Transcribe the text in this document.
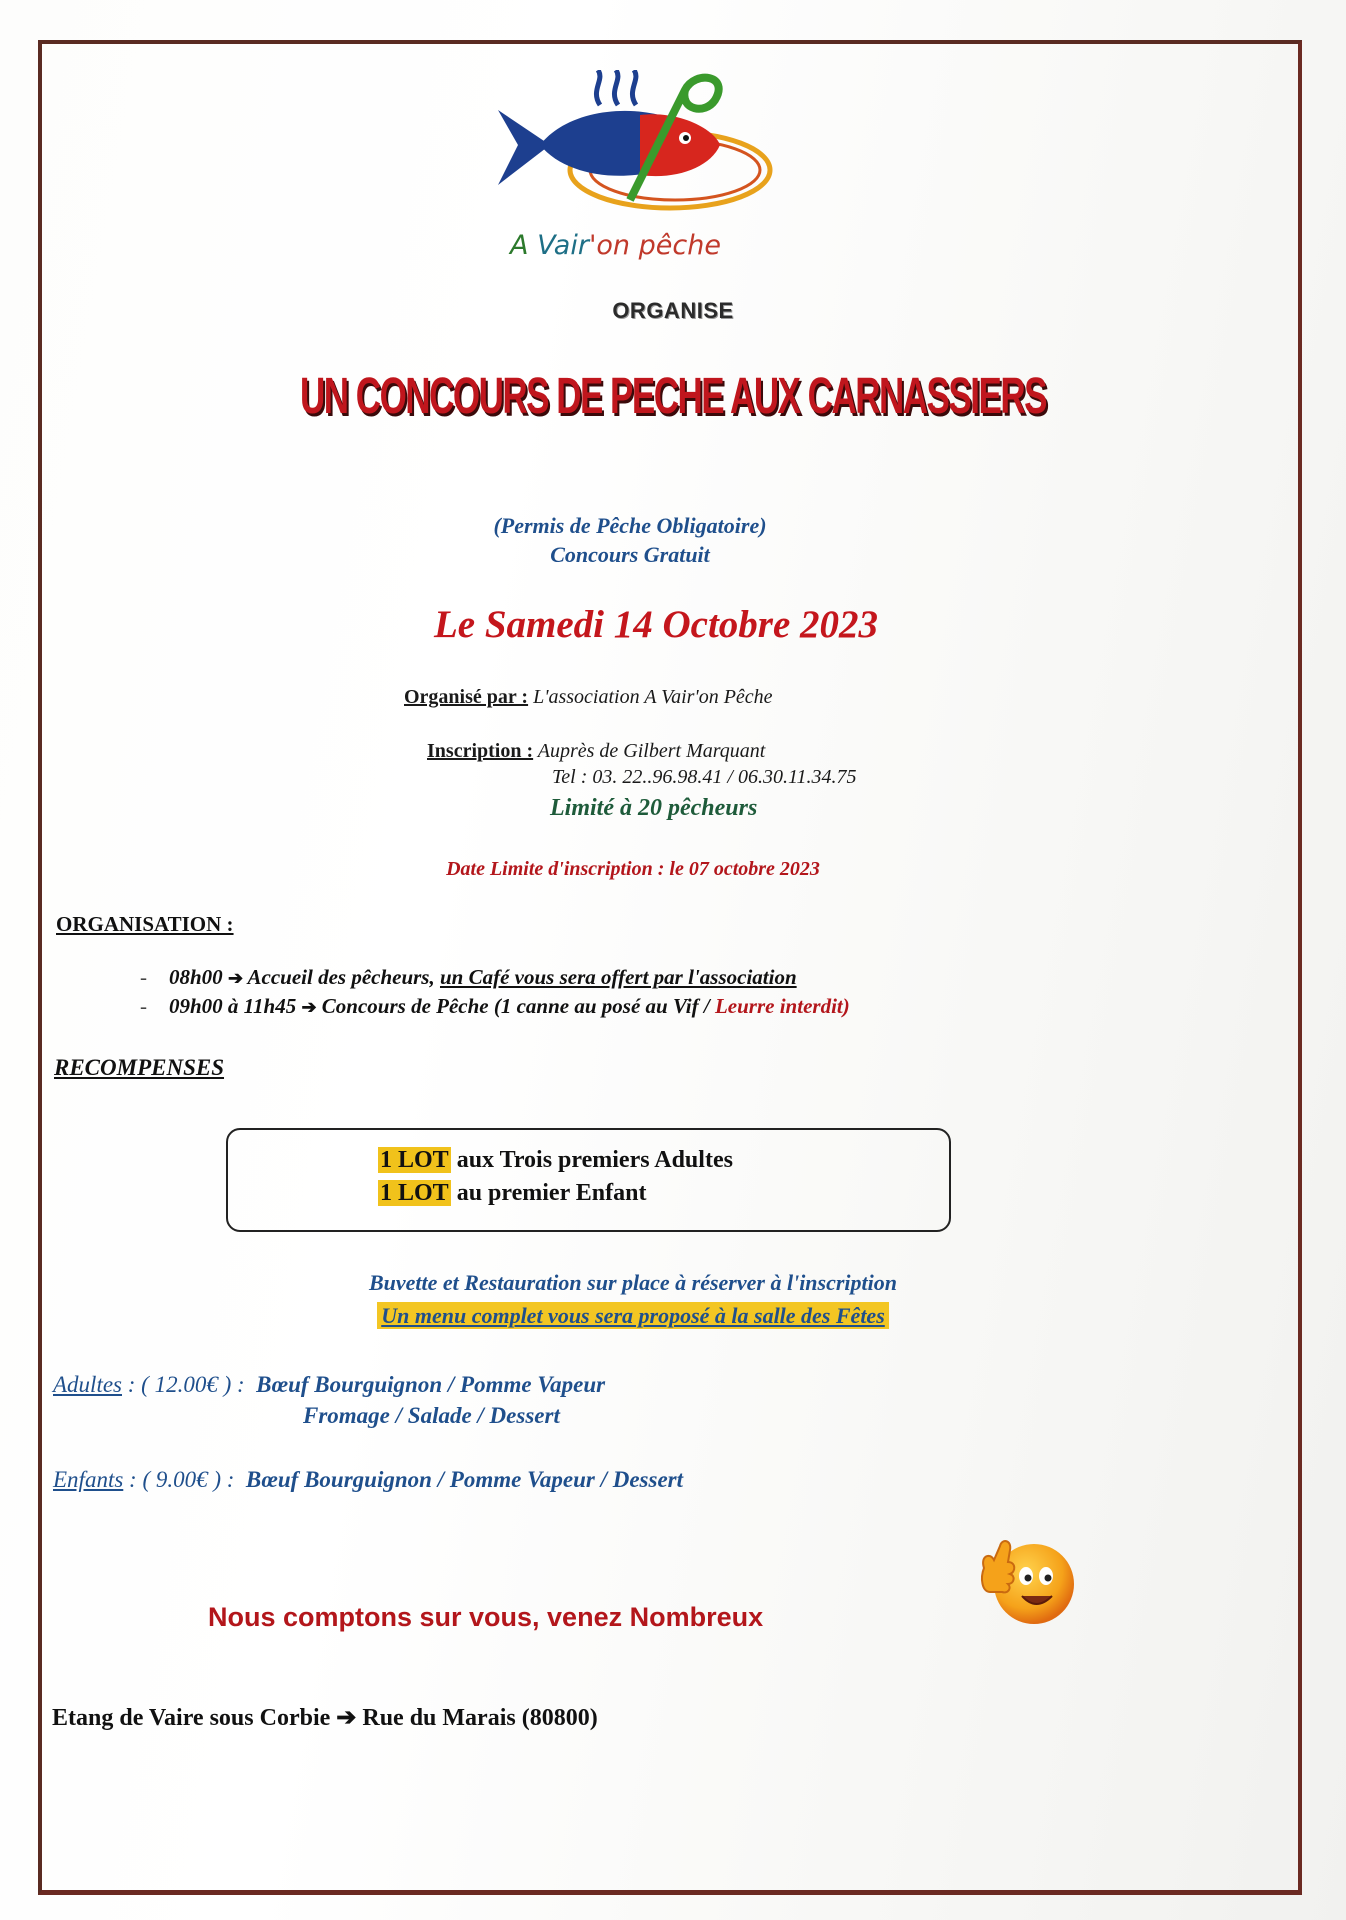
A Vair'on pêche
ORGANISE
UN CONCOURS DE PECHE AUX CARNASSIERS
(Permis de Pêche Obligatoire)
Concours Gratuit
Le Samedi 14 Octobre 2023
Organisé par : L'association A Vair'on Pêche
Inscription : Auprès de Gilbert Marquant
Tel : 03. 22..96.98.41 / 06.30.11.34.75
Limité à 20 pêcheurs
Date Limite d'inscription : le 07 octobre 2023
ORGANISATION :
- 08h00 ➔ Accueil des pêcheurs, un Café vous sera offert par l'association
- 09h00 à 11h45 ➔ Concours de Pêche (1 canne au posé au Vif / Leurre interdit)
RECOMPENSES
1 LOT aux Trois premiers Adultes
1 LOT au premier Enfant
Buvette et Restauration sur place à réserver à l'inscription
Un menu complet vous sera proposé à la salle des Fêtes
Adultes : ( 12.00€ ) : Bœuf Bourguignon / Pomme Vapeur
Fromage / Salade / Dessert
Enfants : ( 9.00€ ) : Bœuf Bourguignon / Pomme Vapeur / Dessert
Nous comptons sur vous, venez Nombreux
Etang de Vaire sous Corbie ➔ Rue du Marais (80800)
